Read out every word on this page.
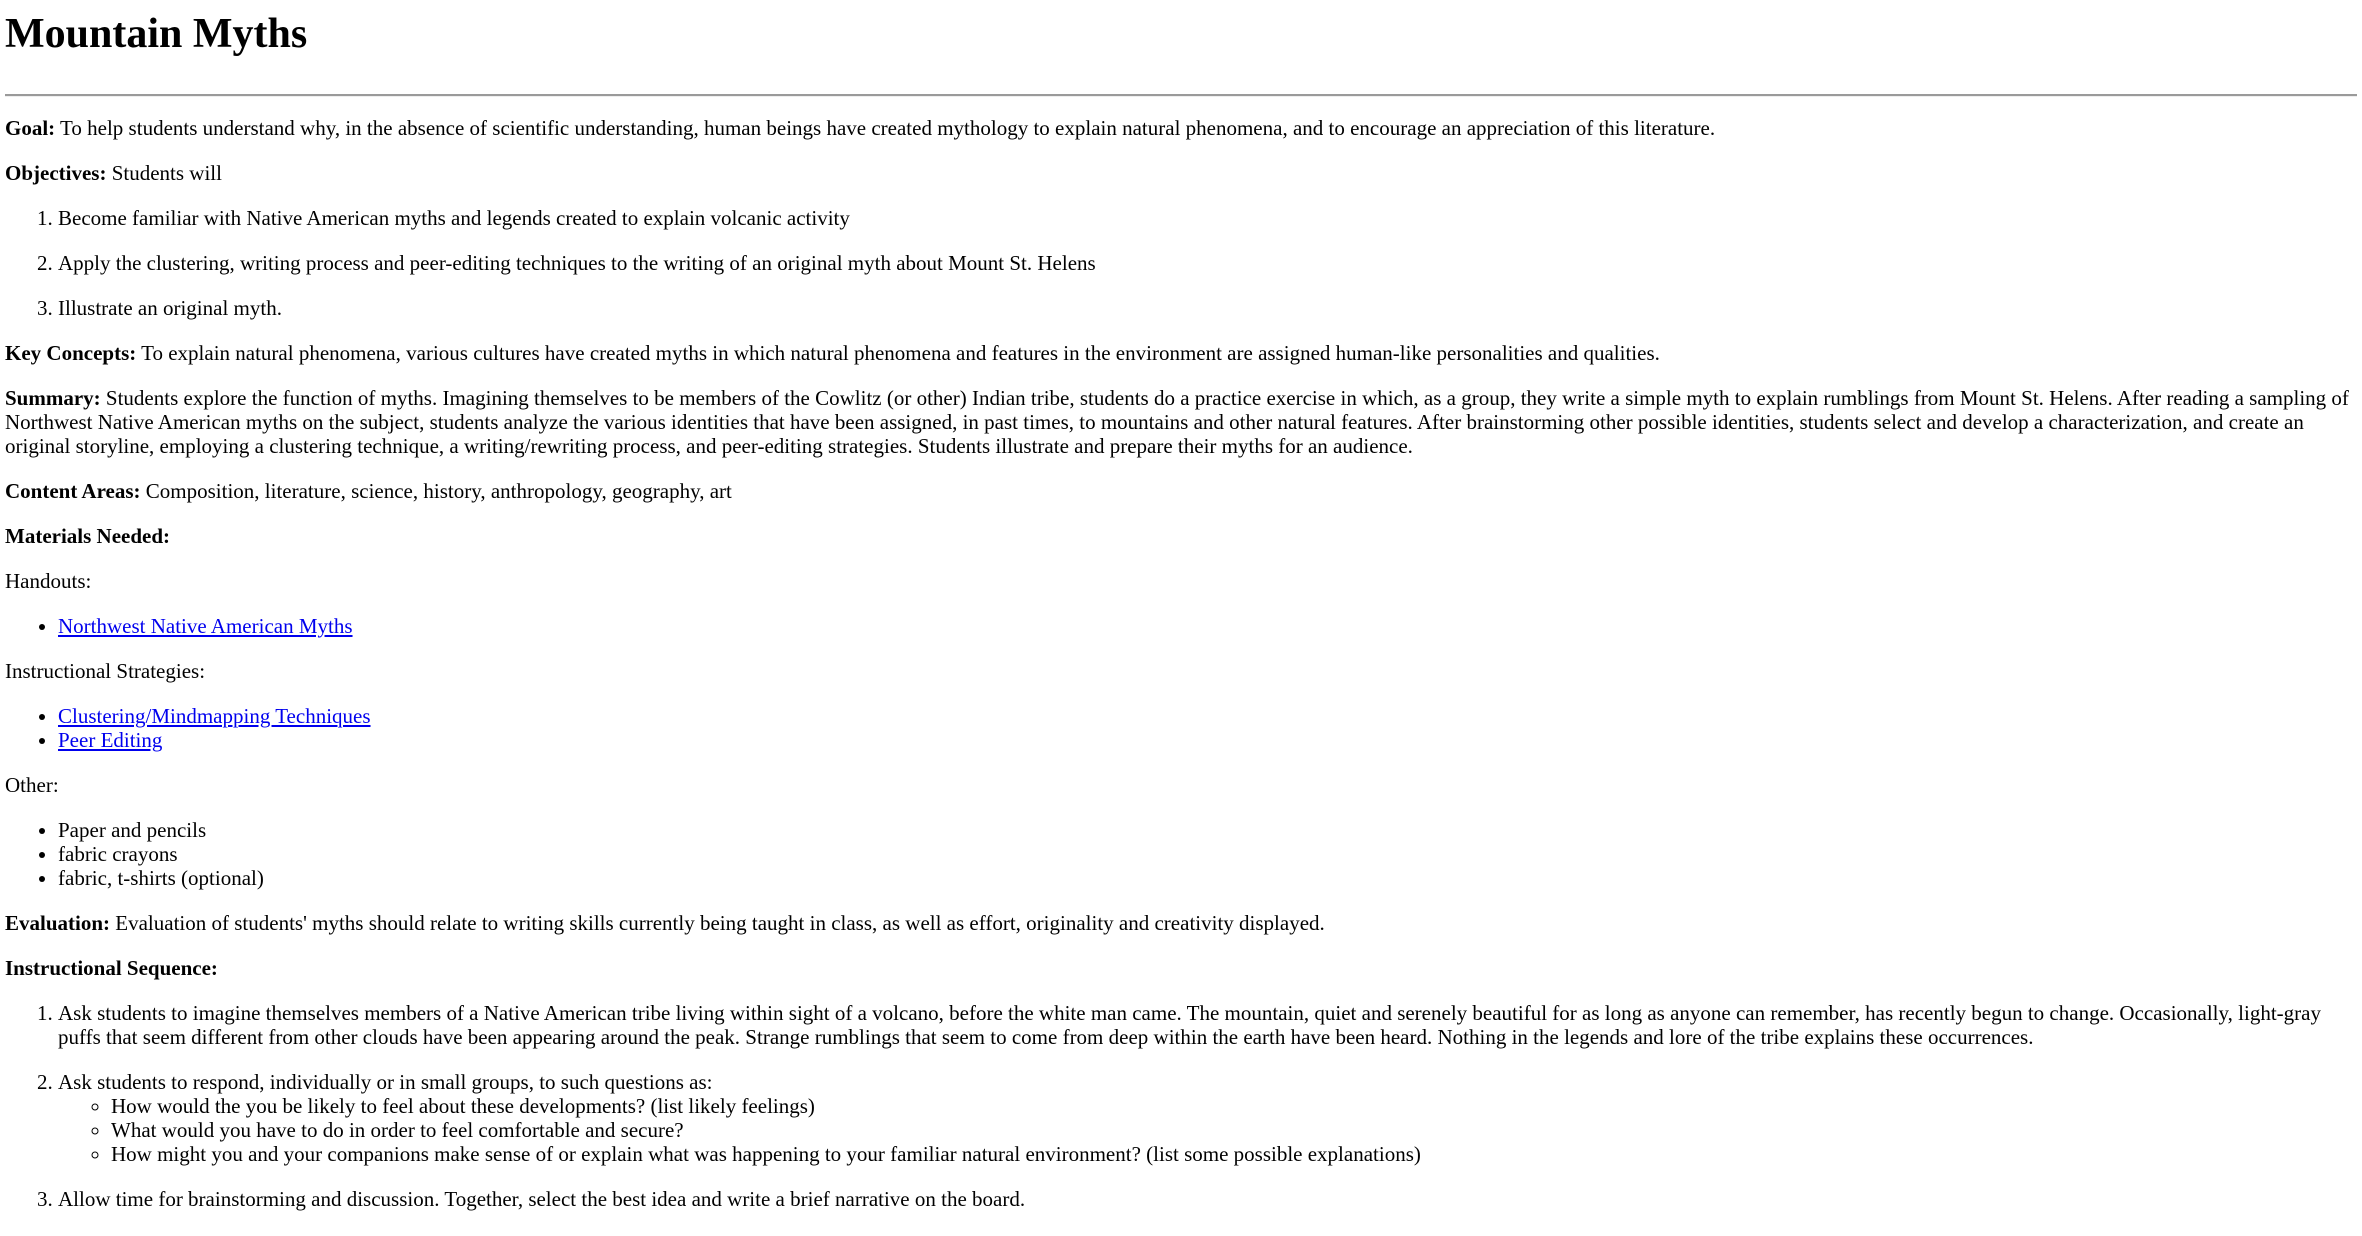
Mountain Myths

Goal: To help students understand why, in the absence of scientific understanding, human beings have created mythology to explain natural phenomena, and to encourage an appreciation of this literature.

Objectives: Students will

1. Become familiar with Native American myths and legends created to explain volcanic activity
2. Apply the clustering, writing process and peer-editing techniques to the writing of an original myth about Mount St. Helens
3. Illustrate an original myth.

Key Concepts: To explain natural phenomena, various cultures have created myths in which natural phenomena and features in the environment are assigned human-like personalities and qualities.

Summary: Students explore the function of myths. Imagining themselves to be members of the Cowlitz (or other) Indian tribe, students do a practice exercise in which, as a group, they write a simple myth to explain rumblings from Mount St. Helens. After reading a sampling of Northwest Native American myths on the subject, students analyze the various identities that have been assigned, in past times, to mountains and other natural features. After brainstorming other possible identities, students select and develop a characterization, and create an original storyline, employing a clustering technique, a writing/rewriting process, and peer-editing strategies. Students illustrate and prepare their myths for an audience.

Content Areas: Composition, literature, science, history, anthropology, geography, art

Materials Needed:

Handouts:

• Northwest Native American Myths

Instructional Strategies:

• Clustering/Mindmapping Techniques
• Peer Editing

Other:

• Paper and pencils
• fabric crayons
• fabric, t-shirts (optional)

Evaluation: Evaluation of students' myths should relate to writing skills currently being taught in class, as well as effort, originality and creativity displayed.

Instructional Sequence:

1. Ask students to imagine themselves members of a Native American tribe living within sight of a volcano, before the white man came. The mountain, quiet and serenely beautiful for as long as anyone can remember, has recently begun to change. Occasionally, light-gray puffs that seem different from other clouds have been appearing around the peak. Strange rumblings that seem to come from deep within the earth have been heard. Nothing in the legends and lore of the tribe explains these occurrences.
2. Ask students to respond, individually or in small groups, to such questions as:
◦ How would the you be likely to feel about these developments? (list likely feelings)
◦ What would you have to do in order to feel comfortable and secure?
◦ How might you and your companions make sense of or explain what was happening to your familiar natural environment? (list some possible explanations)
3. Allow time for brainstorming and discussion. Together, select the best idea and write a brief narrative on the board.
